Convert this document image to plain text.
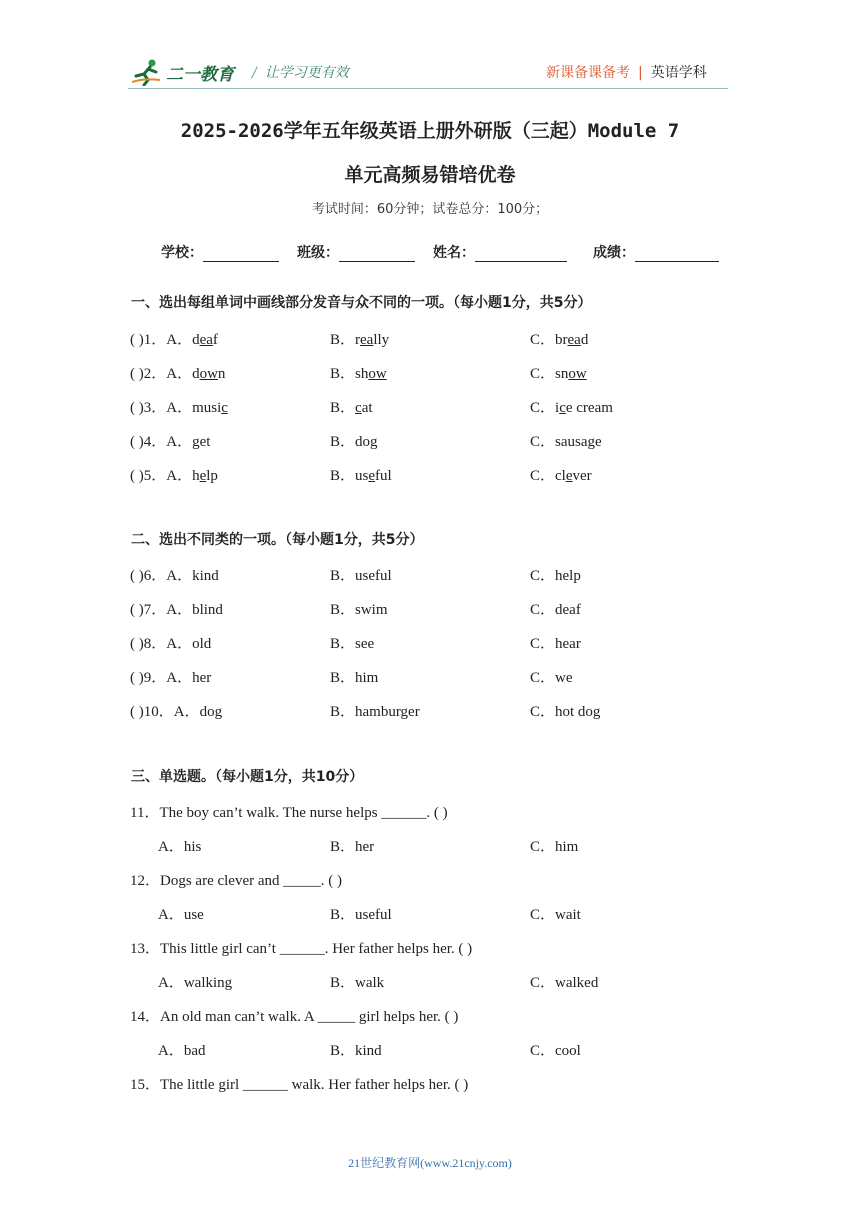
二一教育 / 让学习更有效	新课备课备考 | 英语学科
2025-2026学年五年级英语上册外研版（三起）Module 7
单元高频易错培优卷
考试时间：60分钟；试卷总分：100分；
学校：	班级：	姓名：	成绩：
一、选出每组单词中画线部分发音与众不同的一项。（每小题1分，共5分）
二、选出不同类的一项。（每小题1分，共5分）
三、单选题。（每小题1分，共10分）
21世纪教育网(www.21cnjy.com)
( )1．A．deaf	B．really	C．bread
( )2．A．down	B．show	C．snow
( )3．A．music	B．cat	C．ice cream
( )4．A．get	B．dog	C．sausage
( )5．A．help	B．useful	C．clever
( )6．A．kind	B．useful	C．help
( )7．A．blind	B．swim	C．deaf
( )8．A．old	B．see	C．hear
( )9．A．her	B．him	C．we
( )10．A．dog	B．hamburger	C．hot dog
11．The boy can’t walk. The nurse helps ______. ( )
A．his	B．her	C．him
12．Dogs are clever and _____. ( )
A．use	B．useful	C．wait
13．This little girl can’t ______. Her father helps her. ( )
A．walking	B．walk	C．walked
14．An old man can’t walk. A _____ girl helps her. ( )
A．bad	B．kind	C．cool
15．The little girl ______ walk. Her father helps her. ( )
